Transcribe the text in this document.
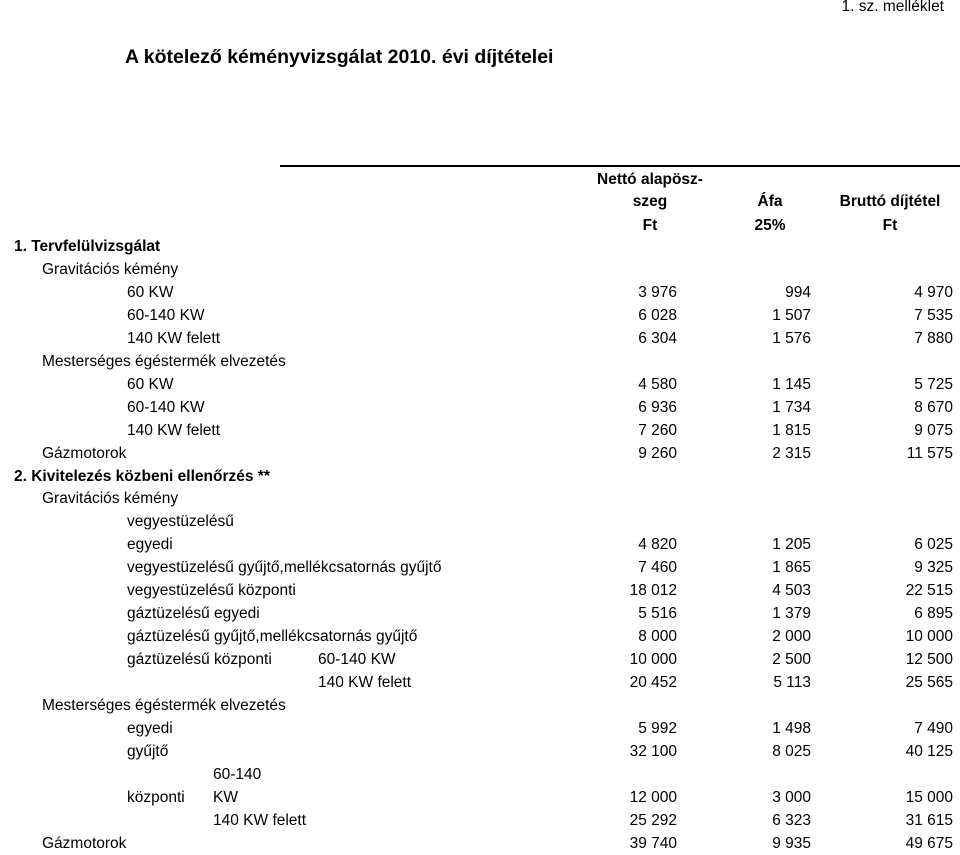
1. sz. melléklet
A kötelező kéményvizsgálat 2010. évi díjtételei
Nettó alapösz-
szeg	Áfa	Bruttó díjtétel
Ft	25%	Ft
1. Tervfelülvizsgálat
Gravitációs kémény
60 KW	3 976	994	4 970
60-140 KW	6 028	1 507	7 535
140 KW felett	6 304	1 576	7 880
Mesterséges égéstermék elvezetés
60 KW	4 580	1 145	5 725
60-140 KW	6 936	1 734	8 670
140 KW felett	7 260	1 815	9 075
Gázmotorok	9 260	2 315	11 575
2. Kivitelezés közbeni ellenőrzés **
Gravitációs kémény
vegyestüzelésű
egyedi	4 820	1 205	6 025
vegyestüzelésű gyűjtő,mellékcsatornás gyűjtő	7 460	1 865	9 325
vegyestüzelésű központi	18 012	4 503	22 515
gáztüzelésű egyedi	5 516	1 379	6 895
gáztüzelésű gyűjtő,mellékcsatornás gyűjtő	8 000	2 000	10 000
gáztüzelésű központi	60-140 KW	10 000	2 500	12 500
140 KW felett	20 452	5 113	25 565
Mesterséges égéstermék elvezetés
egyedi	5 992	1 498	7 490
gyűjtő	32 100	8 025	40 125
60-140
központi KW	12 000	3 000	15 000
140 KW felett	25 292	6 323	31 615
Gázmotorok	39 740	9 935	49 675
